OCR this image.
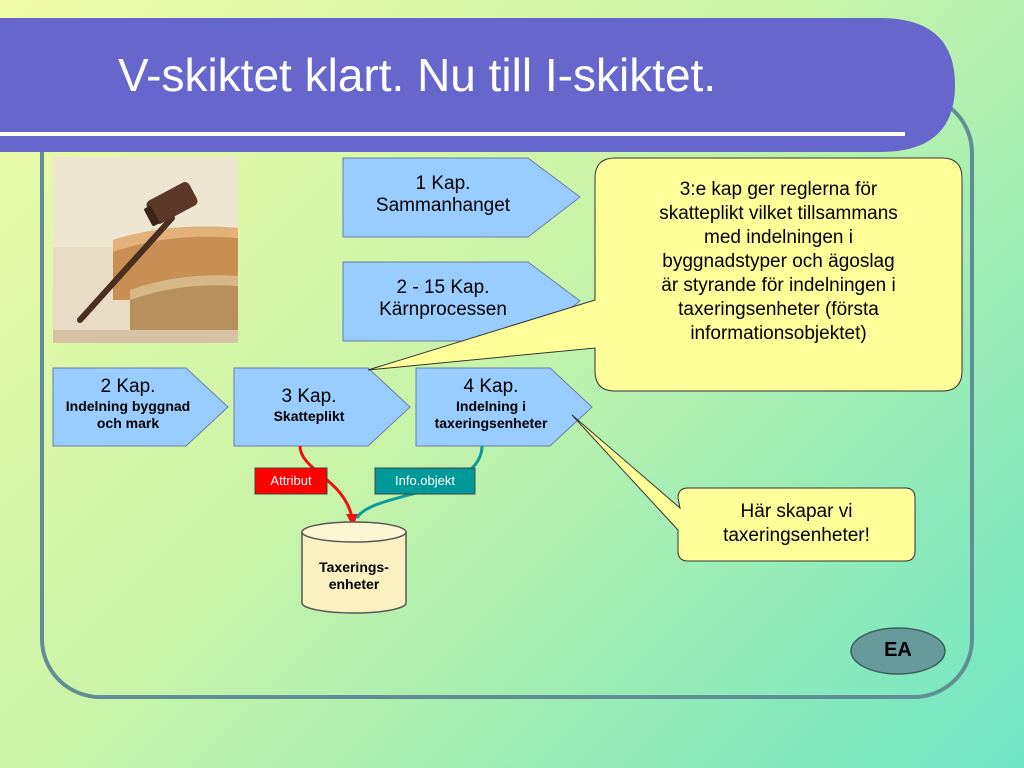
V-skiktet klart. Nu till I-skiktet.
1 Kap.
Sammanhanget
2 - 15 Kap.
Kärnprocessen
2 Kap.
Indelning byggnad
och mark
3 Kap.
Skatteplikt
4 Kap.
Indelning i
taxeringsenheter
3:e kap ger reglerna för
skatteplikt vilket tillsammans
med indelningen i
byggnadstyper och ägoslag
är styrande för indelningen i
taxeringsenheter (första
informationsobjektet)
Här skapar vi
taxeringsenheter!
Attribut	Info.objekt
Taxerings-
enheter
EA
